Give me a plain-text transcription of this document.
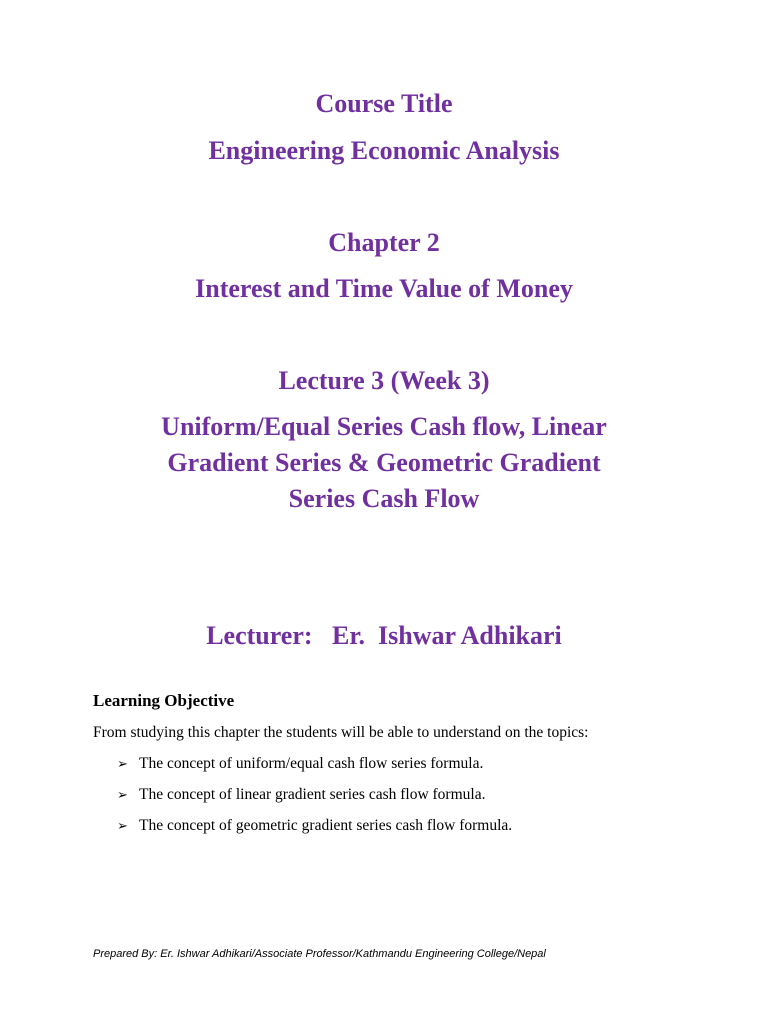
Course Title
Engineering Economic Analysis
Chapter 2
Interest and Time Value of Money
Lecture 3 (Week 3)
Uniform/Equal Series Cash flow, Linear
Gradient Series & Geometric Gradient
Series Cash Flow
Lecturer:   Er.  Ishwar Adhikari
Learning Objective
From studying this chapter the students will be able to understand on the topics:
➢ The concept of uniform/equal cash flow series formula.
➢ The concept of linear gradient series cash flow formula.
➢ The concept of geometric gradient series cash flow formula.
Prepared By: Er. Ishwar Adhikari/Associate Professor/Kathmandu Engineering College/Nepal
